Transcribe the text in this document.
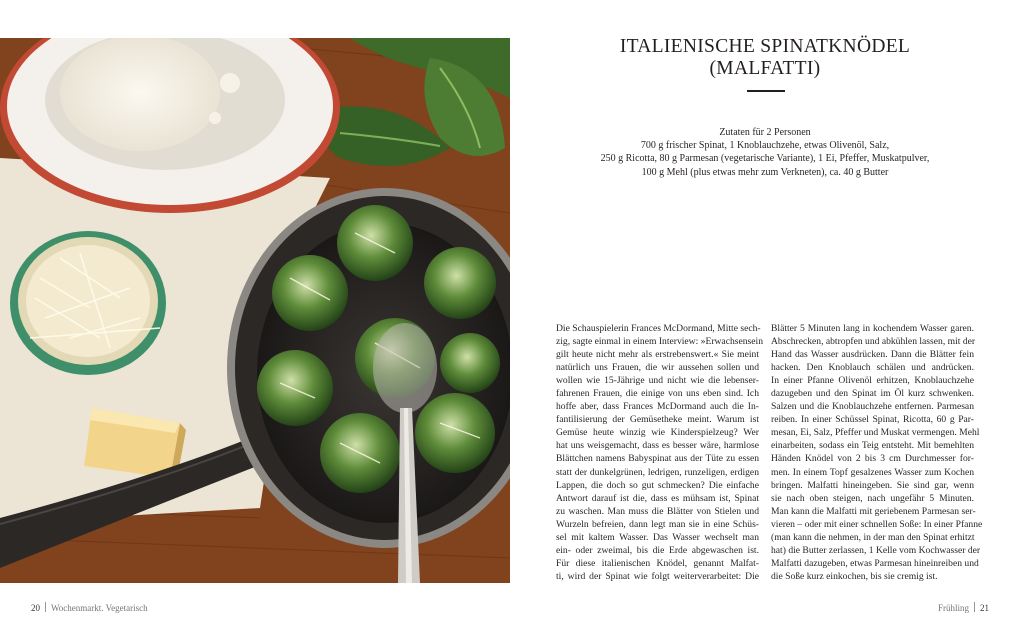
ITALIENISCHE SPINATKNÖDEL
(MALFATTI)
Zutaten für 2 Personen
700 g frischer Spinat, 1 Knoblauchzehe, etwas Olivenöl, Salz,
250 g Ricotta, 80 g Parmesan (vegetarische Variante), 1 Ei, Pfeffer, Muskatpulver,
100 g Mehl (plus etwas mehr zum Verkneten), ca. 40 g Butter
Die Schauspielerin Frances McDormand, Mitte sech-
zig, sagte einmal in einem Interview: »Erwachsensein
gilt heute nicht mehr als erstrebenswert.« Sie meint
natürlich uns Frauen, die wir aussehen sollen und
wollen wie 15-Jährige und nicht wie die lebenser-
fahrenen Frauen, die einige von uns eben sind. Ich
hoffe aber, dass Frances McDormand auch die In-
fantilisierung der Gemüsetheke meint. Warum ist
Gemüse heute winzig wie Kinderspielzeug? Wer
hat uns weisgemacht, dass es besser wäre, harmlose
Blättchen namens Babyspinat aus der Tüte zu essen
statt der dunkelgrünen, ledrigen, runzeligen, erdigen
Lappen, die doch so gut schmecken? Die einfache
Antwort darauf ist die, dass es mühsam ist, Spinat
zu waschen. Man muss die Blätter von Stielen und
Wurzeln befreien, dann legt man sie in eine Schüs-
sel mit kaltem Wasser. Das Wasser wechselt man
ein- oder zweimal, bis die Erde abgewaschen ist.
Für diese italienischen Knödel, genannt Malfat-
ti, wird der Spinat wie folgt weiterverarbeitet: Die
Blätter 5 Minuten lang in kochendem Wasser garen.
Abschrecken, abtropfen und abkühlen lassen, mit der
Hand das Wasser ausdrücken. Dann die Blätter fein
hacken. Den Knoblauch schälen und andrücken.
In einer Pfanne Olivenöl erhitzen, Knoblauchzehe
dazugeben und den Spinat im Öl kurz schwenken.
Salzen und die Knoblauchzehe entfernen. Parmesan
reiben. In einer Schüssel Spinat, Ricotta, 60 g Par-
mesan, Ei, Salz, Pfeffer und Muskat vermengen. Mehl
einarbeiten, sodass ein Teig entsteht. Mit bemehlten
Händen Knödel von 2 bis 3 cm Durchmesser for-
men. In einem Topf gesalzenes Wasser zum Kochen
bringen. Malfatti hineingeben. Sie sind gar, wenn
sie nach oben steigen, nach ungefähr 5 Minuten.
Man kann die Malfatti mit geriebenem Parmesan ser-
vieren – oder mit einer schnellen Soße: In einer Pfanne
(man kann die nehmen, in der man den Spinat erhitzt
hat) die Butter zerlassen, 1 Kelle vom Kochwasser der
Malfatti dazugeben, etwas Parmesan hineinreiben und
die Soße kurz einkochen, bis sie cremig ist.
20 Wochenmarkt. Vegetarisch	Frühling 21
